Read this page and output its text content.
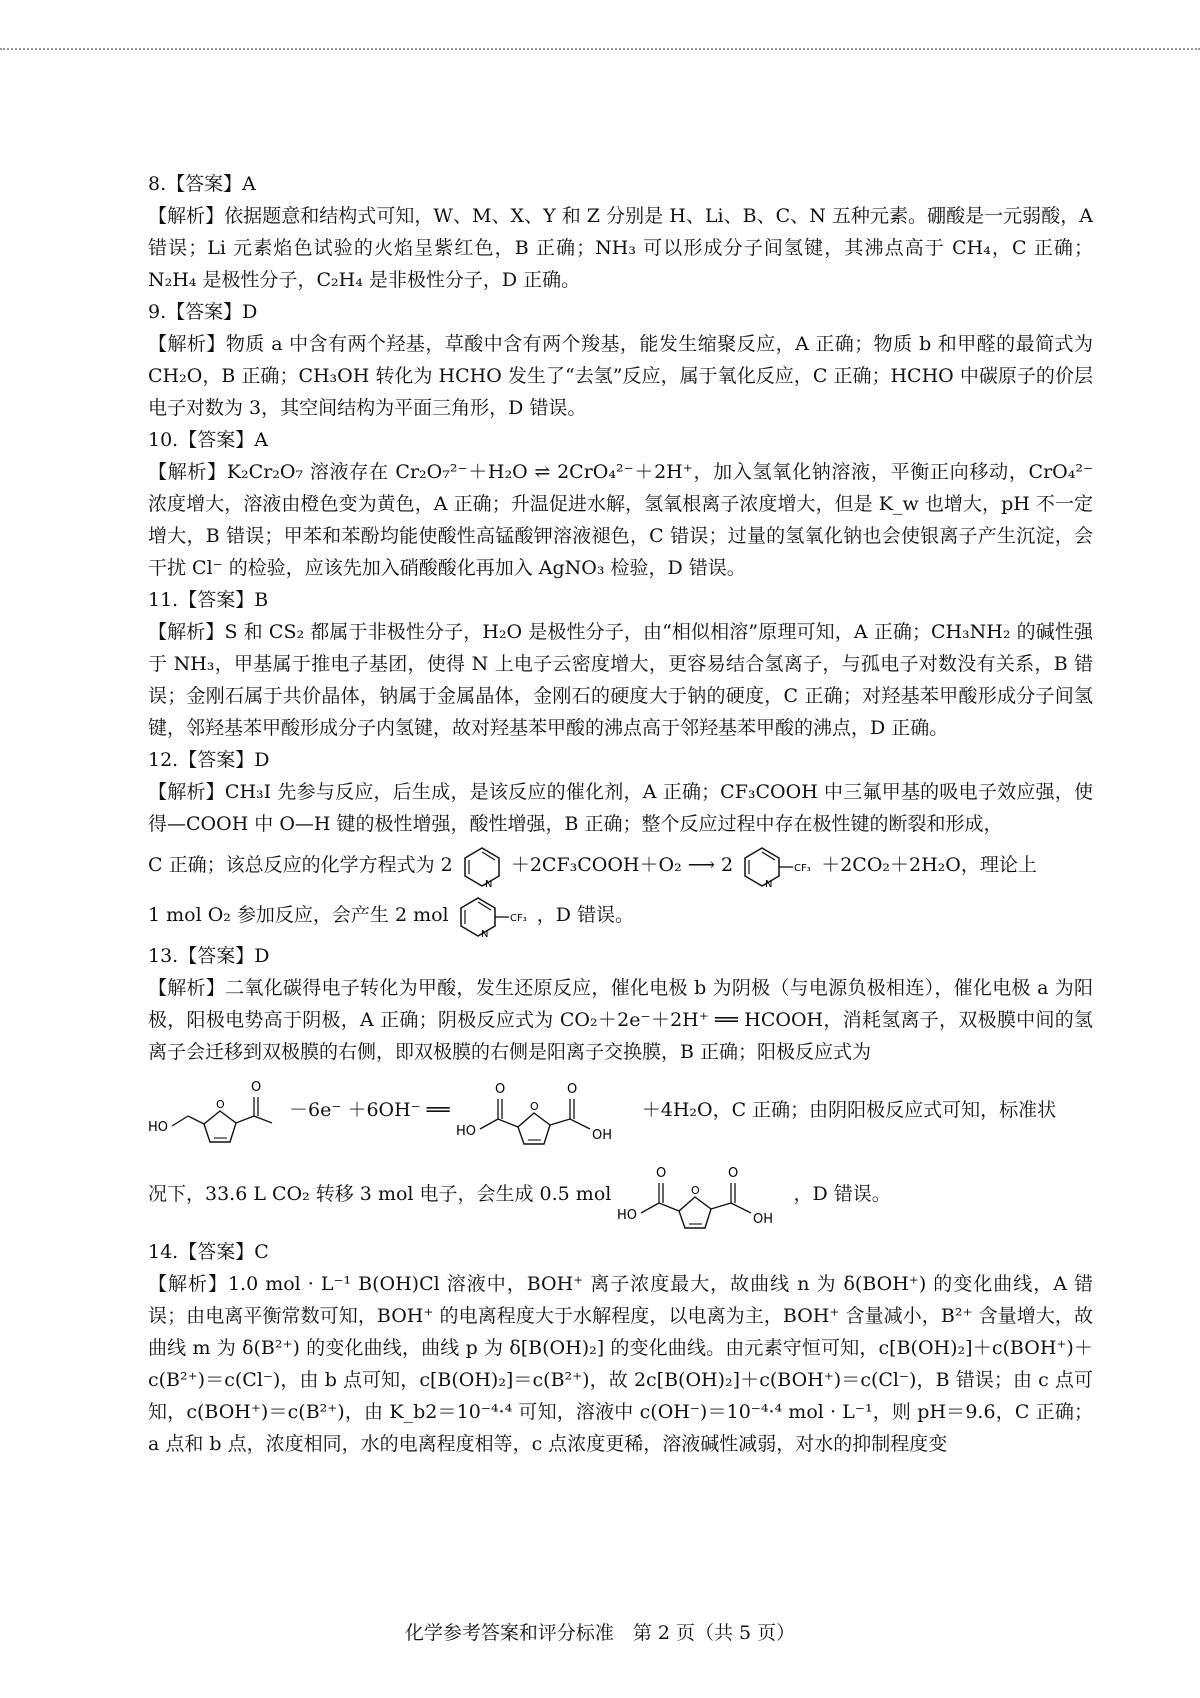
8.【答案】A
【解析】依据题意和结构式可知，W、M、X、Y 和 Z 分别是 H、Li、B、C、N 五种元素。硼酸是一元弱酸，A 错误；Li 元素焰色试验的火焰呈紫红色，B 正确；NH₃ 可以形成分子间氢键，其沸点高于 CH₄，C 正确；N₂H₄ 是极性分子，C₂H₄ 是非极性分子，D 正确。
9.【答案】D
【解析】物质 a 中含有两个羟基，草酸中含有两个羧基，能发生缩聚反应，A 正确；物质 b 和甲醛的最简式为 CH₂O，B 正确；CH₃OH 转化为 HCHO 发生了“去氢”反应，属于氧化反应，C 正确；HCHO 中碳原子的价层电子对数为 3，其空间结构为平面三角形，D 错误。
10.【答案】A
【解析】K₂Cr₂O₇ 溶液存在 Cr₂O₇²⁻＋H₂O ⇌ 2CrO₄²⁻＋2H⁺，加入氢氧化钠溶液，平衡正向移动，CrO₄²⁻ 浓度增大，溶液由橙色变为黄色，A 正确；升温促进水解，氢氧根离子浓度增大，但是 K_w 也增大，pH 不一定增大，B 错误；甲苯和苯酚均能使酸性高锰酸钾溶液褪色，C 错误；过量的氢氧化钠也会使银离子产生沉淀，会干扰 Cl⁻ 的检验，应该先加入硝酸酸化再加入 AgNO₃ 检验，D 错误。
11.【答案】B
【解析】S 和 CS₂ 都属于非极性分子，H₂O 是极性分子，由“相似相溶”原理可知，A 正确；CH₃NH₂ 的碱性强于 NH₃，甲基属于推电子基团，使得 N 上电子云密度增大，更容易结合氢离子，与孤电子对数没有关系，B 错误；金刚石属于共价晶体，钠属于金属晶体，金刚石的硬度大于钠的硬度，C 正确；对羟基苯甲酸形成分子间氢键，邻羟基苯甲酸形成分子内氢键，故对羟基苯甲酸的沸点高于邻羟基苯甲酸的沸点，D 正确。
12.【答案】D
【解析】CH₃I 先参与反应，后生成，是该反应的催化剂，A 正确；CF₃COOH 中三氟甲基的吸电子效应强，使得—COOH 中 O—H 键的极性增强，酸性增强，B 正确；整个反应过程中存在极性键的断裂和形成，
C 正确；该总反应的化学方程式为 2
N
＋2CF₃COOH＋O₂ ⟶ 2	CF₃
N
＋2CO₂＋2H₂O，理论上
1 mol O₂ 参加反应，会产生 2 mol	CF₃
N
，D 错误。
13.【答案】D
【解析】二氧化碳得电子转化为甲酸，发生还原反应，催化电极 b 为阴极（与电源负极相连），催化电极 a 为阳极，阳极电势高于阴极，A 正确；阴极反应式为 CO₂＋2e⁻＋2H⁺ ══ HCOOH，消耗氢离子，双极膜中间的氢离子会迁移到双极膜的右侧，即双极膜的右侧是阳离子交换膜，B 正确；阳极反应式为
HO
O
O	－6e⁻ ＋6OH⁻ ══
HO
O
O
O
OH
＋4H₂O，C 正确；由阴阳极反应式可知，标准状
况下，33.6 L CO₂ 转移 3 mol 电子，会生成 0.5 mol
HO
O
O
O
OH
，D 错误。
14.【答案】C
【解析】1.0 mol · L⁻¹ B(OH)Cl 溶液中，BOH⁺ 离子浓度最大，故曲线 n 为 δ(BOH⁺) 的变化曲线，A 错误；由电离平衡常数可知，BOH⁺ 的电离程度大于水解程度，以电离为主，BOH⁺ 含量减小，B²⁺ 含量增大，故曲线 m 为 δ(B²⁺) 的变化曲线，曲线 p 为 δ[B(OH)₂] 的变化曲线。由元素守恒可知，c[B(OH)₂]＋c(BOH⁺)＋c(B²⁺)＝c(Cl⁻)，由 b 点可知，c[B(OH)₂]＝c(B²⁺)，故 2c[B(OH)₂]＋c(BOH⁺)＝c(Cl⁻)，B 错误；由 c 点可知，c(BOH⁺)＝c(B²⁺)，由 K_b2＝10⁻⁴·⁴ 可知，溶液中 c(OH⁻)＝10⁻⁴·⁴ mol · L⁻¹，则 pH＝9.6，C 正确；a 点和 b 点，浓度相同，水的电离程度相等，c 点浓度更稀，溶液碱性减弱，对水的抑制程度变
化学参考答案和评分标准　第 2 页（共 5 页）
